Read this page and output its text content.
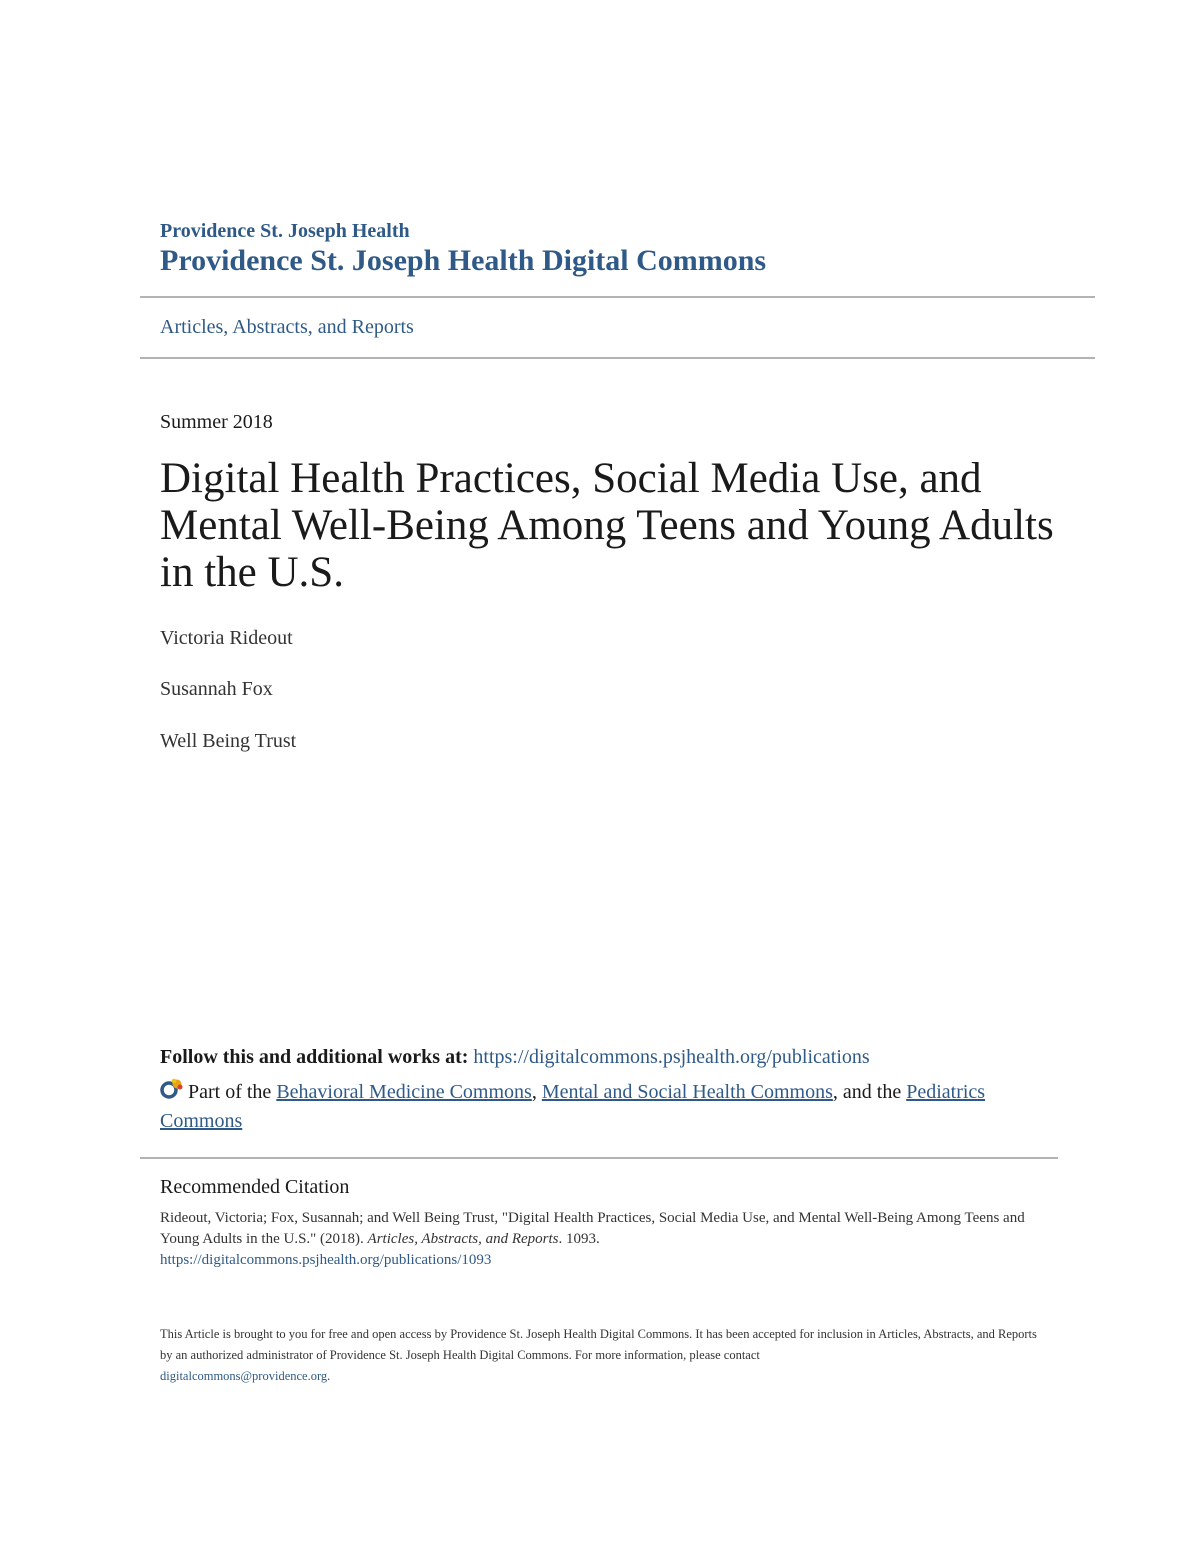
Providence St. Joseph Health
Providence St. Joseph Health Digital Commons
Articles, Abstracts, and Reports
Summer 2018
Digital Health Practices, Social Media Use, and Mental Well-Being Among Teens and Young Adults in the U.S.
Victoria Rideout
Susannah Fox
Well Being Trust
Follow this and additional works at: https://digitalcommons.psjhealth.org/publications
Part of the Behavioral Medicine Commons, Mental and Social Health Commons, and the Pediatrics Commons
Recommended Citation
Rideout, Victoria; Fox, Susannah; and Well Being Trust, "Digital Health Practices, Social Media Use, and Mental Well-Being Among Teens and Young Adults in the U.S." (2018). Articles, Abstracts, and Reports. 1093.
https://digitalcommons.psjhealth.org/publications/1093
This Article is brought to you for free and open access by Providence St. Joseph Health Digital Commons. It has been accepted for inclusion in Articles, Abstracts, and Reports by an authorized administrator of Providence St. Joseph Health Digital Commons. For more information, please contact
digitalcommons@providence.org.
